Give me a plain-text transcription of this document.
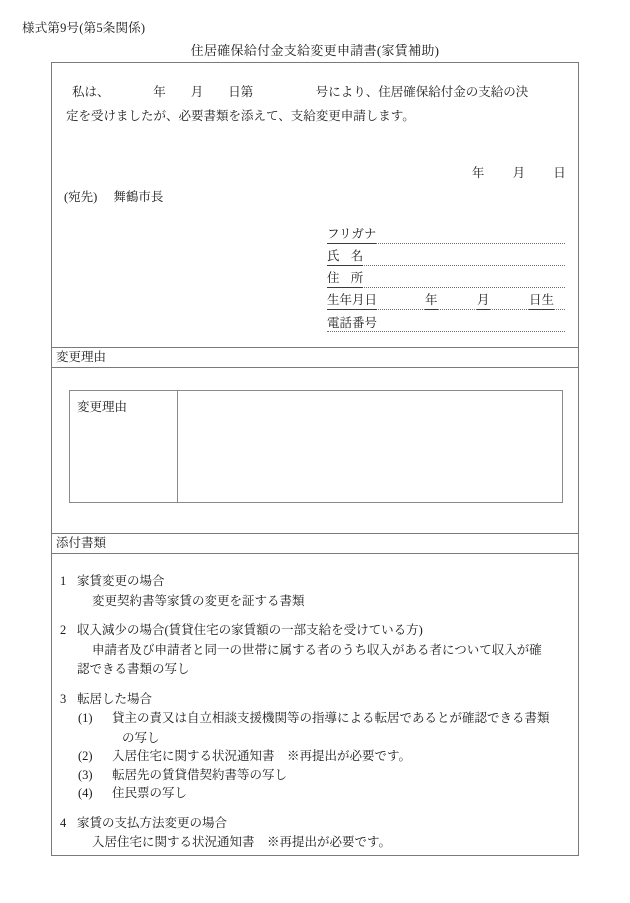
様式第9号(第5条関係)
住居確保給付金支給変更申請書(家賃補助)
私は、　　　　年　　月　　日第　　　　　号により、住居確保給付金の支給の決
定を受けましたが、必要書類を添えて、支給変更申請します。
年 月 日
(宛先) 舞鶴市長
フリガナ
氏 名
住 所
生年月日	年	月	日生
電話番号
変更理由
変更理由
添付書類
1 家賃変更の場合
変更契約書等家賃の変更を証する書類
2 収入減少の場合(賃貸住宅の家賃額の一部支給を受けている方)
申請者及び申請者と同一の世帯に属する者のうち収入がある者について収入が確
認できる書類の写し
3 転居した場合
(1) 貸主の責又は自立相談支援機関等の指導による転居であるとが確認できる書類
の写し
(2) 入居住宅に関する状況通知書　※再提出が必要です。
(3) 転居先の賃貸借契約書等の写し
(4) 住民票の写し
4 家賃の支払方法変更の場合
入居住宅に関する状況通知書　※再提出が必要です。
